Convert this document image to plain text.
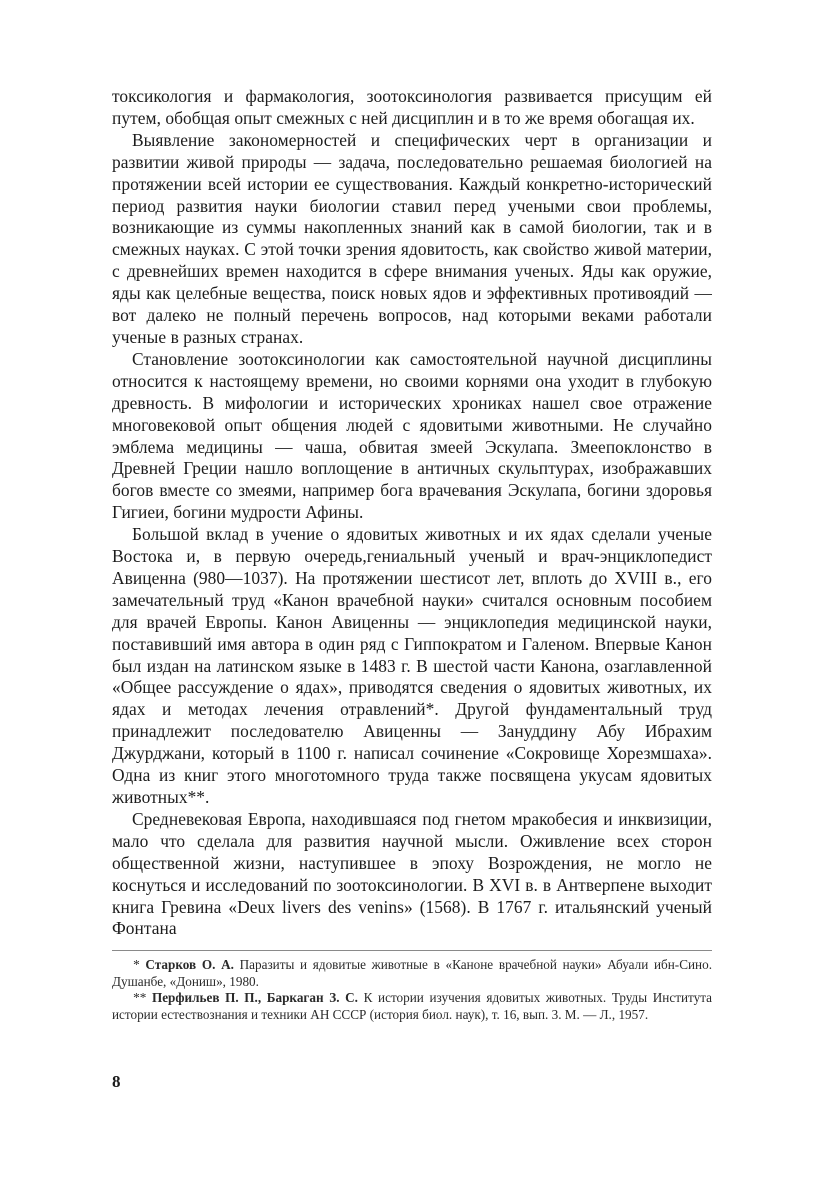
токсикология и фармакология, зоотоксинология развивается присущим ей путем, обобщая опыт смежных с ней дисциплин и в то же время обогащая их.

Выявление закономерностей и специфических черт в организации и развитии живой природы — задача, последовательно решаемая биологией на протяжении всей истории ее существования. Каждый конкретно-исторический период развития науки биологии ставил перед учеными свои проблемы, возникающие из суммы накопленных знаний как в самой биологии, так и в смежных науках. С этой точки зрения ядовитость, как свойство живой материи, с древнейших времен находится в сфере внимания ученых. Яды как оружие, яды как целебные вещества, поиск новых ядов и эффективных противоядий — вот далеко не полный перечень вопросов, над которыми веками работали ученые в разных странах.

Становление зоотоксинологии как самостоятельной научной дисциплины относится к настоящему времени, но своими корнями она уходит в глубокую древность. В мифологии и исторических хрониках нашел свое отражение многовековой опыт общения людей с ядовитыми животными. Не случайно эмблема медицины — чаша, обвитая змеей Эскулапа. Змеепоклонство в Древней Греции нашло воплощение в античных скульптурах, изображавших богов вместе со змеями, например бога врачевания Эскулапа, богини здоровья Гигиеи, богини мудрости Афины.

Большой вклад в учение о ядовитых животных и их ядах сделали ученые Востока и, в первую очередь,гениальный ученый и врач-энциклопедист Авиценна (980—1037). На протяжении шестисот лет, вплоть до XVIII в., его замечательный труд «Канон врачебной науки» считался основным пособием для врачей Европы. Канон Авиценны — энциклопедия медицинской науки, поставивший имя автора в один ряд с Гиппократом и Галеном. Впервые Канон был издан на латинском языке в 1483 г. В шестой части Канона, озаглавленной «Общее рассуждение о ядах», приводятся сведения о ядовитых животных, их ядах и методах лечения отравлений*. Другой фундаментальный труд принадлежит последователю Авиценны — Зануддину Абу Ибрахим Джурджани, который в 1100 г. написал сочинение «Сокровище Хорезмшаха». Одна из книг этого многотомного труда также посвящена укусам ядовитых животных**.

Средневековая Европа, находившаяся под гнетом мракобесия и инквизиции, мало что сделала для развития научной мысли. Оживление всех сторон общественной жизни, наступившее в эпоху Возрождения, не могло не коснуться и исследований по зоотоксинологии. В XVI в. в Антверпене выходит книга Гревина «Deux livers des venins» (1568). В 1767 г. итальянский ученый Фонтана

* Старков О. А. Паразиты и ядовитые животные в «Каноне врачебной науки» Абуали ибн-Сино. Душанбе, «Дониш», 1980.

** Перфильев П. П., Баркаган З. С. К истории изучения ядовитых животных. Труды Института истории естествознания и техники АН СССР (история биол. наук), т. 16, вып. 3. М. — Л., 1957.

8
